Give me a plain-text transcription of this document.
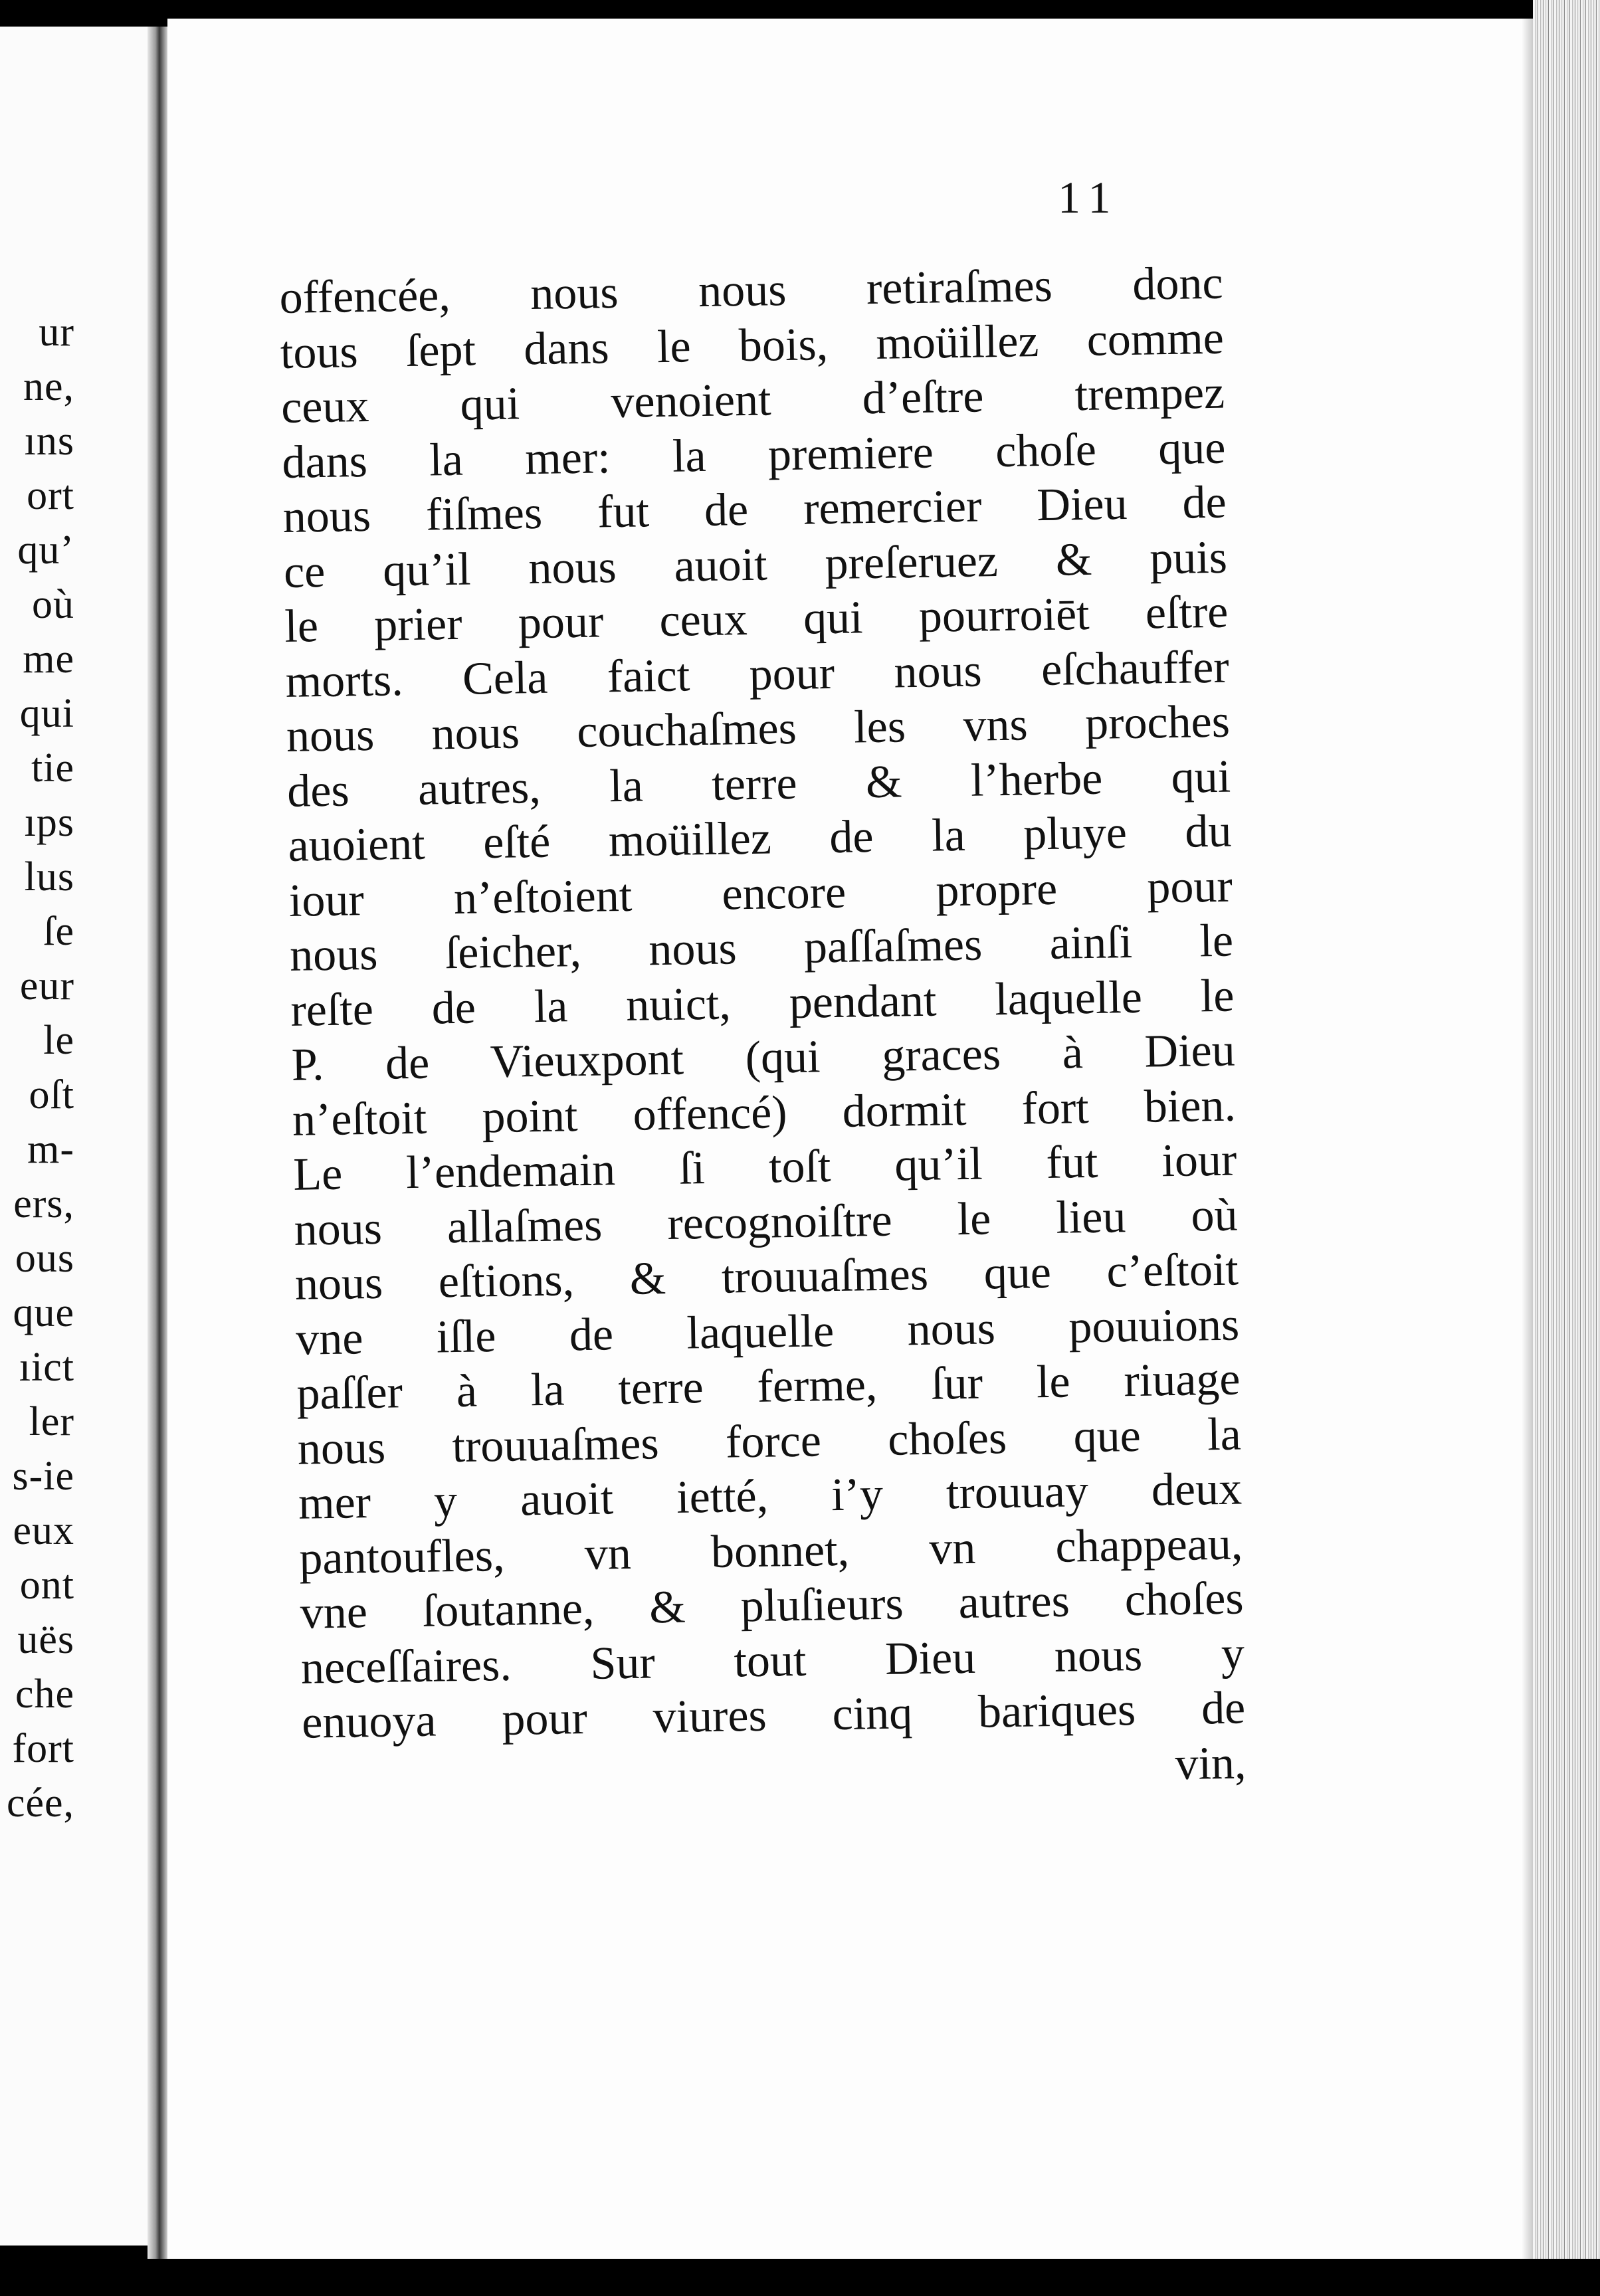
ur
ne,
ıns
ort
qu’
où
me
qui
tie
ıps
lus
ſe
eur
le
oſt
m-
ers,
ous
que
ıict
ler
s-ie
eux
ont
uës
che
fort
cée,
11
offencée, nous nous retiraſmes donc
tous ſept dans le bois, moüillez comme
ceux qui venoient d’eſtre trempez
dans la mer: la premiere choſe que
nous fiſmes fut de remercier Dieu de
ce qu’il nous auoit preſeruez & puis
le prier pour ceux qui pourroiēt eſtre
morts. Cela faict pour nous eſchauffer
nous nous couchaſmes les vns proches
des autres, la terre & l’herbe qui
auoient eſté moüillez de la pluye du
iour n’eſtoient encore propre pour
nous ſeicher, nous paſſaſmes ainſi le
reſte de la nuict, pendant laquelle le
P. de Vieuxpont (qui graces à Dieu
n’eſtoit point offencé) dormit fort bien.
Le l’endemain ſi toſt qu’il fut iour
nous allaſmes recognoiſtre le lieu où
nous eſtions, & trouuaſmes que c’eſtoit
vne iſle de laquelle nous pouuions
paſſer à la terre ferme, ſur le riuage
nous trouuaſmes force choſes que la
mer y auoit ietté, i’y trouuay deux
pantoufles, vn bonnet, vn chappeau,
vne ſoutanne, & pluſieurs autres choſes
neceſſaires. Sur tout Dieu nous y
enuoya pour viures cinq bariques de
vin,
